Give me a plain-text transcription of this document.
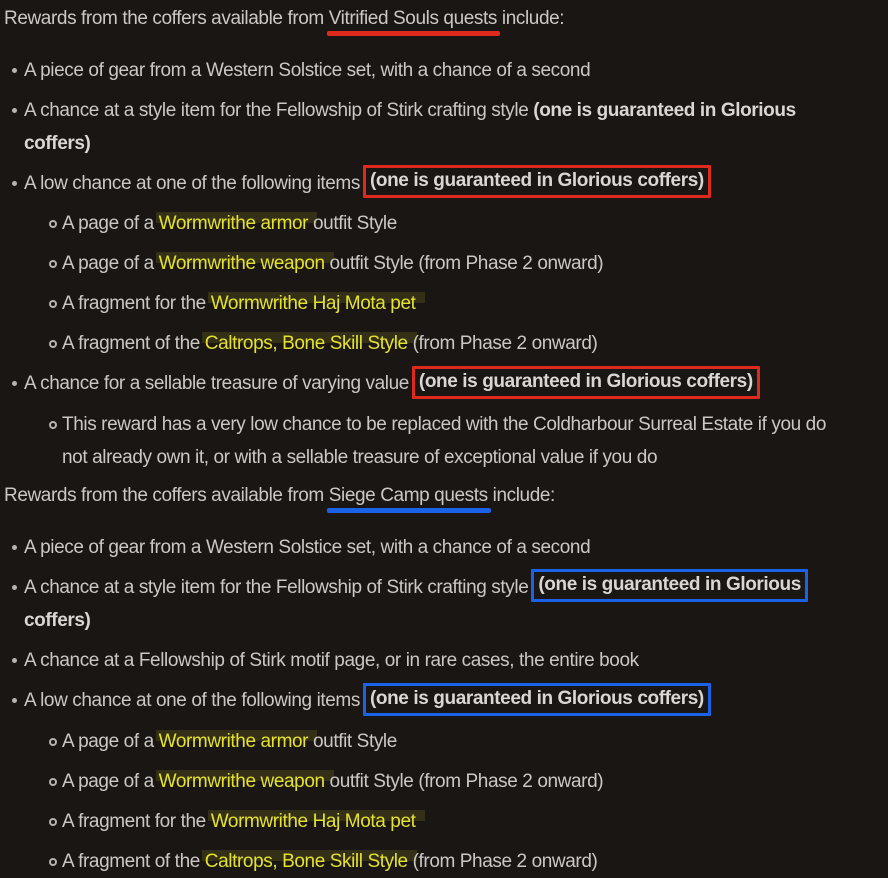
Rewards from the coffers available from Vitrified Souls quests include:

A piece of gear from a Western Solstice set, with a chance of a second
A chance at a style item for the Fellowship of Stirk crafting style (one is guaranteed in Glorious
coffers)
A low chance at one of the following items (one is guaranteed in Glorious coffers)
A page of a Wormwrithe armor outfit Style
A page of a Wormwrithe weapon outfit Style (from Phase 2 onward)
A fragment for the Wormwrithe Haj Mota pet
A fragment of the Caltrops, Bone Skill Style (from Phase 2 onward)
A chance for a sellable treasure of varying value (one is guaranteed in Glorious coffers)
This reward has a very low chance to be replaced with the Coldharbour Surreal Estate if you do
not already own it, or with a sellable treasure of exceptional value if you do

Rewards from the coffers available from Siege Camp quests include:

A piece of gear from a Western Solstice set, with a chance of a second
A chance at a style item for the Fellowship of Stirk crafting style (one is guaranteed in Glorious
coffers)
A chance at a Fellowship of Stirk motif page, or in rare cases, the entire book
A low chance at one of the following items (one is guaranteed in Glorious coffers)
A page of a Wormwrithe armor outfit Style
A page of a Wormwrithe weapon outfit Style (from Phase 2 onward)
A fragment for the Wormwrithe Haj Mota pet
A fragment of the Caltrops, Bone Skill Style (from Phase 2 onward)
